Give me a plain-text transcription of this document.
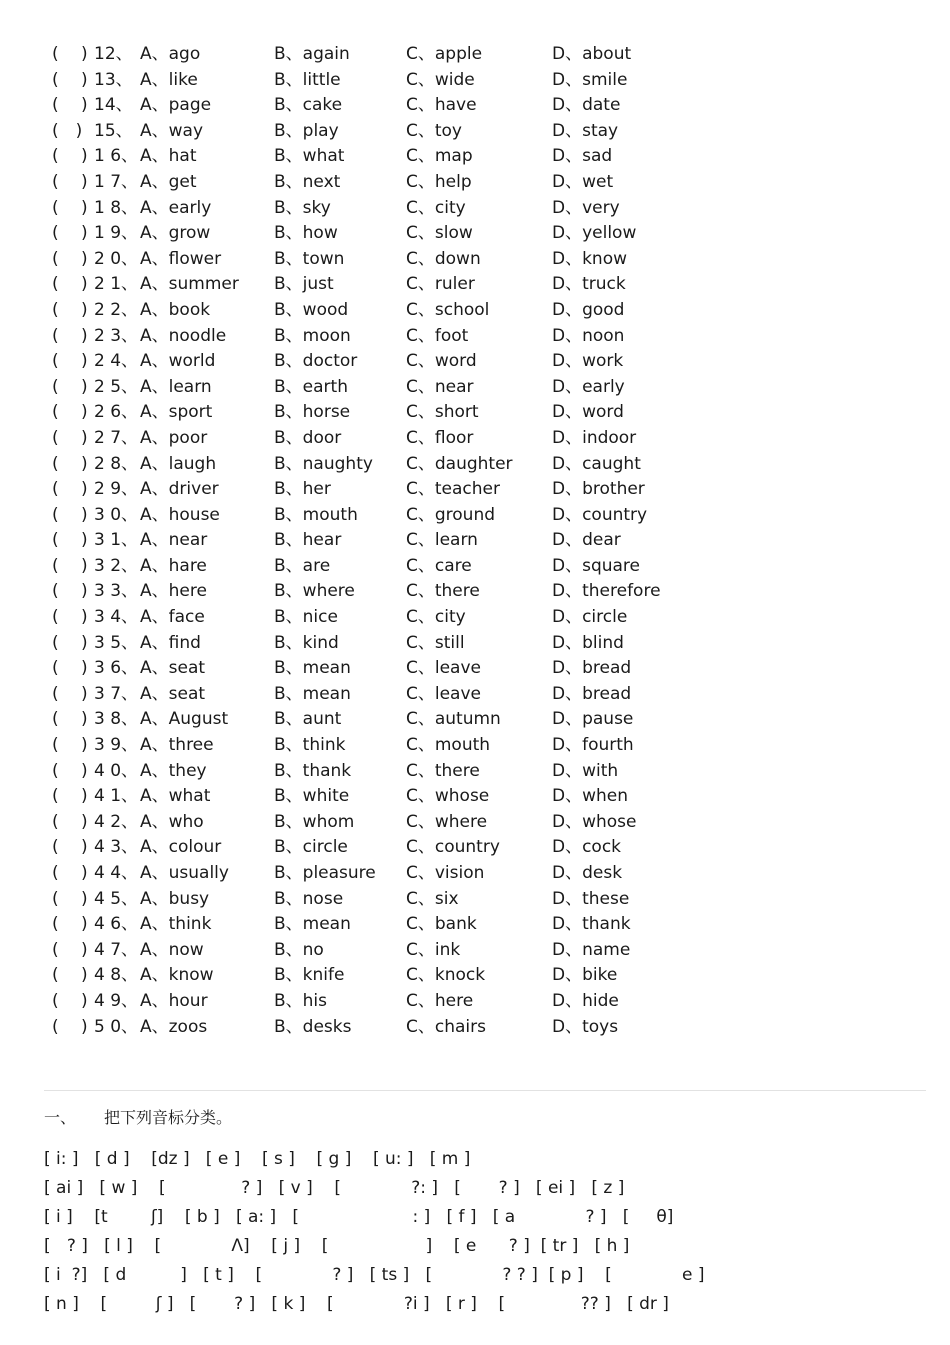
(　 ) 12、 A、ago	B、again	C、apple	D、about
(　 ) 13、 A、like	B、little	C、wide	D、smile
(　 ) 14、 A、page	B、cake	C、have	D、date
(　) 15、 A、way	B、play	C、toy	D、stay
(　 ) 1 6、 A、hat	B、what	C、map	D、sad
(　 ) 1 7、 A、get	B、next	C、help	D、wet
(　 ) 1 8、 A、early	B、sky	C、city	D、very
(　 ) 1 9、 A、grow	B、how	C、slow	D、yellow
(　 ) 2 0、 A、flower	B、town	C、down	D、know
(　 ) 2 1、 A、summer B、just	C、ruler	D、truck
(　 ) 2 2、 A、book	B、wood	C、school	D、good
(　 ) 2 3、 A、noodle	B、moon	C、foot	D、noon
(　 ) 2 4、 A、world	B、doctor	C、word	D、work
(　 ) 2 5、 A、learn	B、earth	C、near	D、early
(　 ) 2 6、 A、sport	B、horse	C、short	D、word
(　 ) 2 7、 A、poor	B、door	C、floor	D、indoor
(　 ) 2 8、 A、laugh	B、naughty C、daughter D、caught
(　 ) 2 9、 A、driver	B、her	C、teacher	D、brother
(　 ) 3 0、 A、house	B、mouth	C、ground	D、country
(　 ) 3 1、 A、near	B、hear	C、learn	D、dear
(　 ) 3 2、 A、hare	B、are	C、care	D、square
(　 ) 3 3、 A、here	B、where	C、there	D、therefore
(　 ) 3 4、 A、face	B、nice	C、city	D、circle
(　 ) 3 5、 A、find	B、kind	C、still	D、blind
(　 ) 3 6、 A、seat	B、mean	C、leave	D、bread
(　 ) 3 7、 A、seat	B、mean	C、leave	D、bread
(　 ) 3 8、 A、August	B、aunt	C、autumn	D、pause
(　 ) 3 9、 A、three	B、think	C、mouth	D、fourth
(　 ) 4 0、 A、they	B、thank	C、there	D、with
(　 ) 4 1、 A、what	B、white	C、whose	D、when
(　 ) 4 2、 A、who	B、whom	C、where	D、whose
(　 ) 4 3、 A、colour	B、circle	C、country	D、cock
(　 ) 4 4、 A、usually	B、pleasure C、vision	D、desk
(　 ) 4 5、 A、busy	B、nose	C、six	D、these
(　 ) 4 6、 A、think	B、mean	C、bank	D、thank
(　 ) 4 7、 A、now	B、no	C、ink	D、name
(　 ) 4 8、 A、know	B、knife	C、knock	D、bike
(　 ) 4 9、 A、hour	B、his	C、here	D、hide
(　 ) 5 0、 A、zoos	B、desks	C、chairs	D、toys
一、 把下列音标分类。
[ i: ]   [ d ]    [dz ]   [ e ]    [ s ]    [ g ]    [ u: ]   [ m ]
[ ai ]   [ w ]    [              ? ]   [ v ]    [             ?: ]   [       ? ]   [ ei ]   [ z ]
[ i ]    [t        ʃ]    [ b ]   [ a: ]   [                     : ]   [ f ]   [ a             ? ]   [     θ]
[   ? ]   [ l ]    [             Λ]    [ j ]    [                  ]    [ e      ? ]  [ tr ]   [ h ]
[ i  ?]   [ d          ]   [ t ]    [             ? ]   [ ts ]   [             ? ? ]  [ p ]    [             e ]
[ n ]    [         ʃ ]   [       ? ]   [ k ]    [             ?i ]   [ r ]    [              ?? ]   [ dr ]
